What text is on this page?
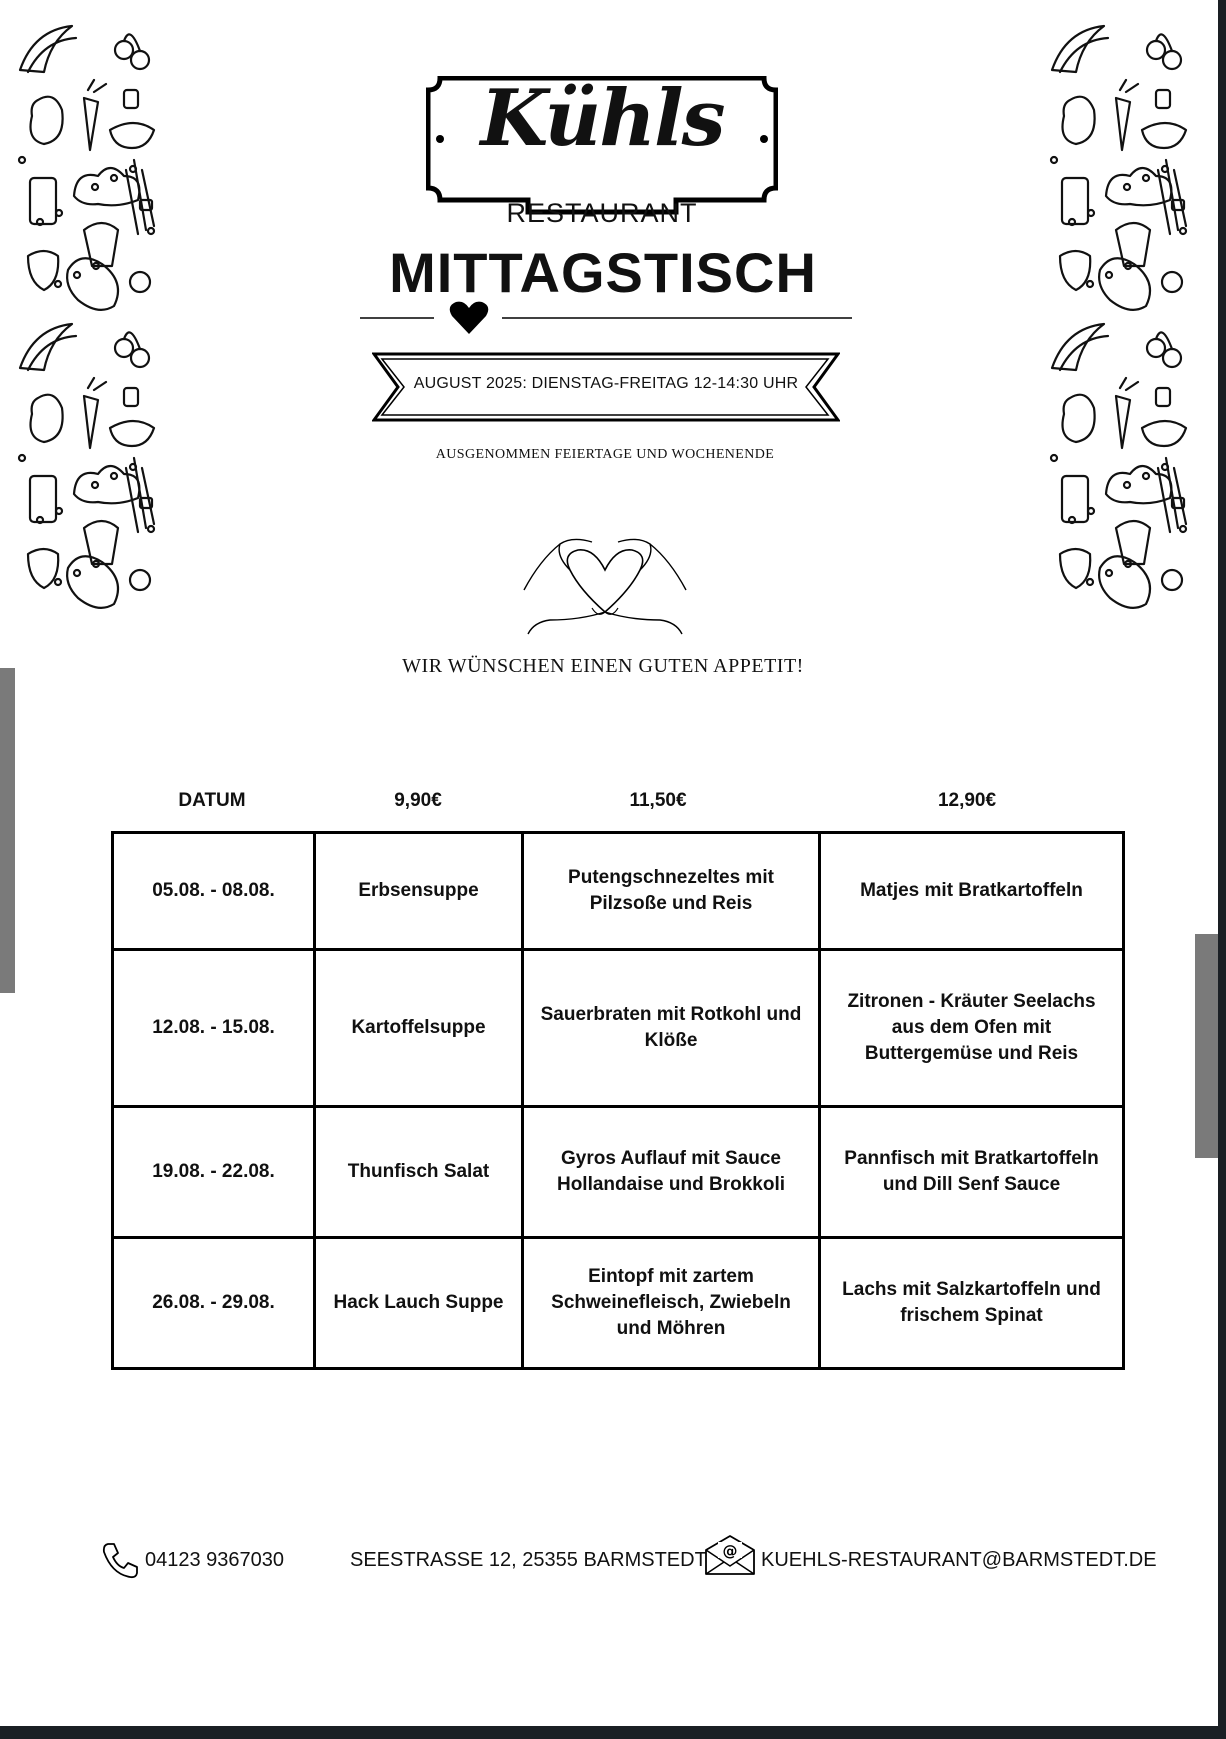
Kühls
RESTAURANT
MITTAGSTISCH
AUGUST 2025: DIENSTAG-FREITAG 12-14:30 UHR
AUSGENOMMEN FEIERTAGE UND WOCHENENDE
WIR WÜNSCHEN EINEN GUTEN APPETIT!
DATUM	9,90€	11,50€	12,90€
05.08. - 08.08.	Erbsensuppe	Putengschnezeltes mit Pilzsoße und Reis	Matjes mit Bratkartoffeln
12.08. - 15.08.	Kartoffelsuppe	Sauerbraten mit Rotkohl und Klöße	Zitronen - Kräuter Seelachs aus dem Ofen mit Buttergemüse und Reis
19.08. - 22.08.	Thunfisch Salat	Gyros Auflauf mit Sauce Hollandaise und Brokkoli	Pannfisch mit Bratkartoffeln und Dill Senf Sauce
26.08. - 29.08.	Hack Lauch Suppe	Eintopf mit zartem Schweinefleisch, Zwiebeln und Möhren	Lachs mit Salzkartoffeln und frischem Spinat
04123 9367030	SEESTRASSE 12, 25355 BARMSTEDT @ KUEHLS-RESTAURANT@BARMSTEDT.DE
